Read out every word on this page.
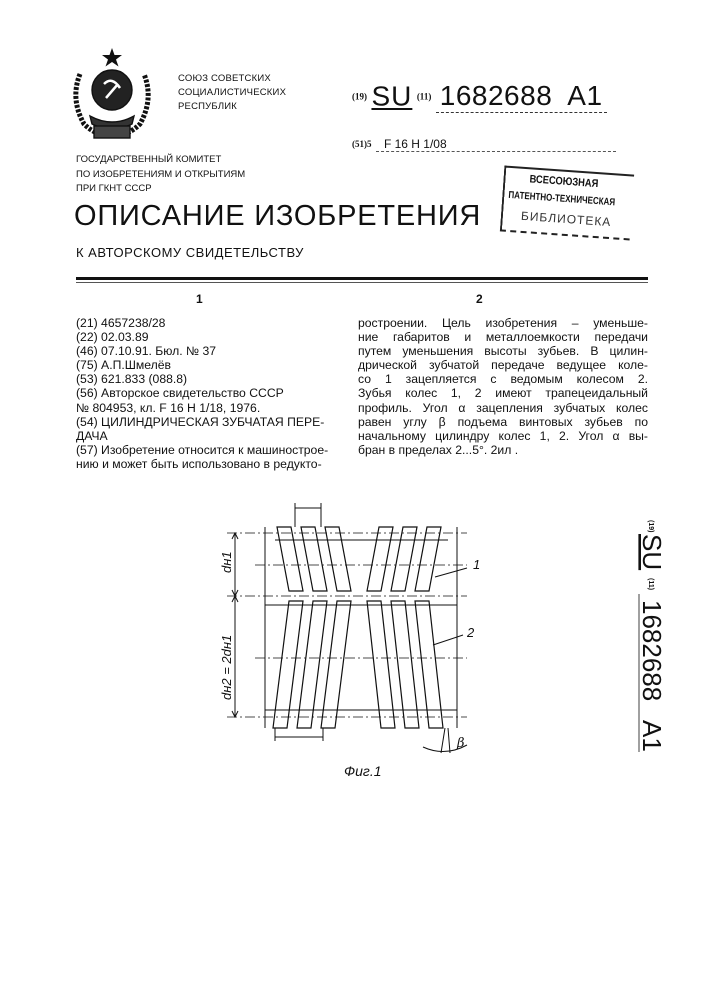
СОЮЗ СОВЕТСКИХ
СОЦИАЛИСТИЧЕСКИХ
РЕСПУБЛИК
(19) SU (11) 1682688 A1
(51)5 F 16 H 1/08
ГОСУДАРСТВЕННЫЙ КОМИТЕТ
ПО ИЗОБРЕТЕНИЯМ И ОТКРЫТИЯМ
ПРИ ГКНТ СССР
ОПИСАНИЕ ИЗОБРЕТЕНИЯ
К АВТОРСКОМУ СВИДЕТЕЛЬСТВУ
ВСЕСОЮЗНАЯ
ПАТЕНТНО-ТЕХНИЧЕСКАЯ
БИБЛИОТЕКА
1	2
(21) 4657238/28
(22) 02.03.89
(46) 07.10.91. Бюл. № 37
(75) А.П.Шмелёв
(53) 621.833 (088.8)
(56) Авторское свидетельство СССР
№ 804953, кл. F 16 H 1/18, 1976.
(54) ЦИЛИНДРИЧЕСКАЯ ЗУБЧАТАЯ ПЕРЕ-
ДАЧА
(57) Изобретение относится к машинострое-
нию и может быть использовано в редукто-
ростроении. Цель изобретения – уменьше-
ние габаритов и металлоемкости передачи
путем уменьшения высоты зубьев. В цилин-
дрической зубчатой передаче ведущее коле-
со 1 зацепляется с ведомым колесом 2.
Зубья колес 1, 2 имеют трапецеидальный
профиль. Угол α зацепления зубчатых колес
равен углу β подъема винтовых зубьев по
начальному цилиндру колес 1, 2. Угол α вы-
бран в пределах 2...5°. 2ил .
dн1
dн2 = 2dн1
1
2
β
Фиг.1
(19)
SU
(11)
1682688
A1
